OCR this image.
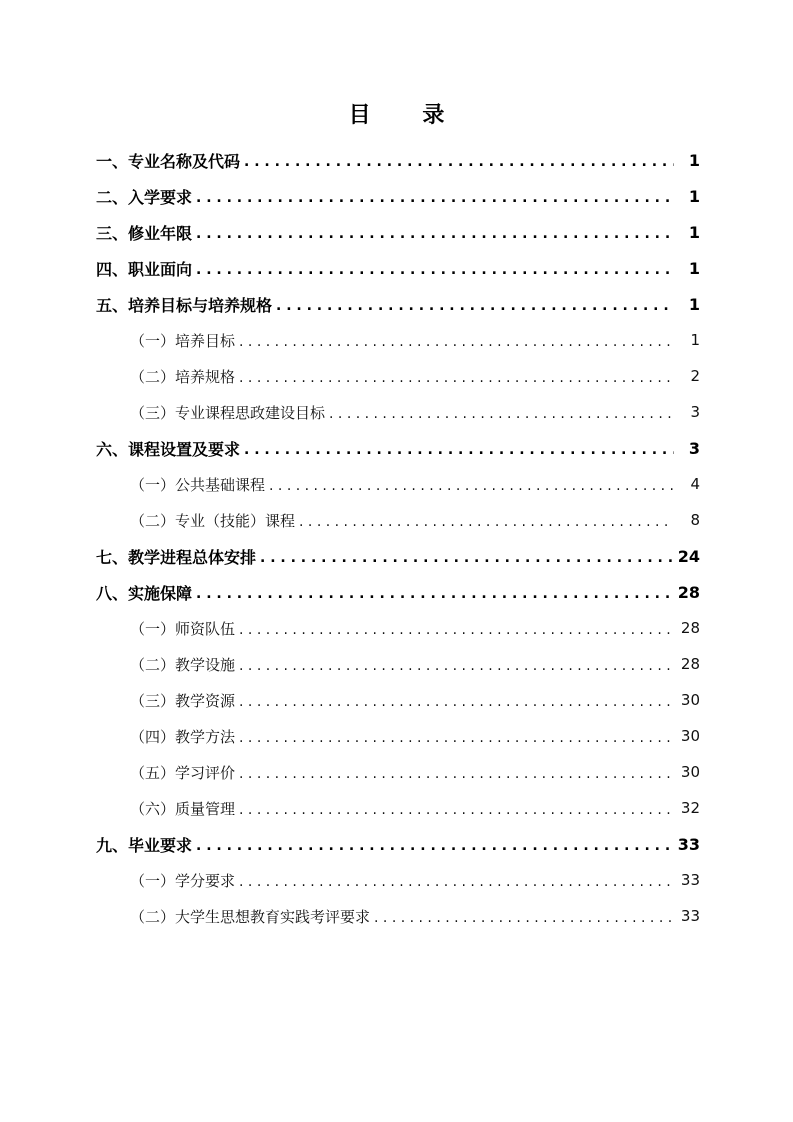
目 录
一、专业名称及代码 . . .	1
二、入学要求 . . .	1
三、修业年限 . . .	1
四、职业面向 . . .	1
五、培养目标与培养规格 . . .	1
（一）培养目标 . . .	1
（二）培养规格 . . .	2
（三）专业课程思政建设目标 . . .	3
六、课程设置及要求 . . .	3
（一）公共基础课程 . . .	4
（二）专业（技能）课程 . . .	8
七、教学进程总体安排 . . .	24
八、实施保障 . . .	28
（一）师资队伍 . . .	28
（二）教学设施 . . .	28
（三）教学资源 . . .	30
（四）教学方法 . . .	30
（五）学习评价 . . .	30
（六）质量管理 . . .	32
九、毕业要求 . . .	33
（一）学分要求 . . .	33
（二）大学生思想教育实践考评要求 . . .	33
